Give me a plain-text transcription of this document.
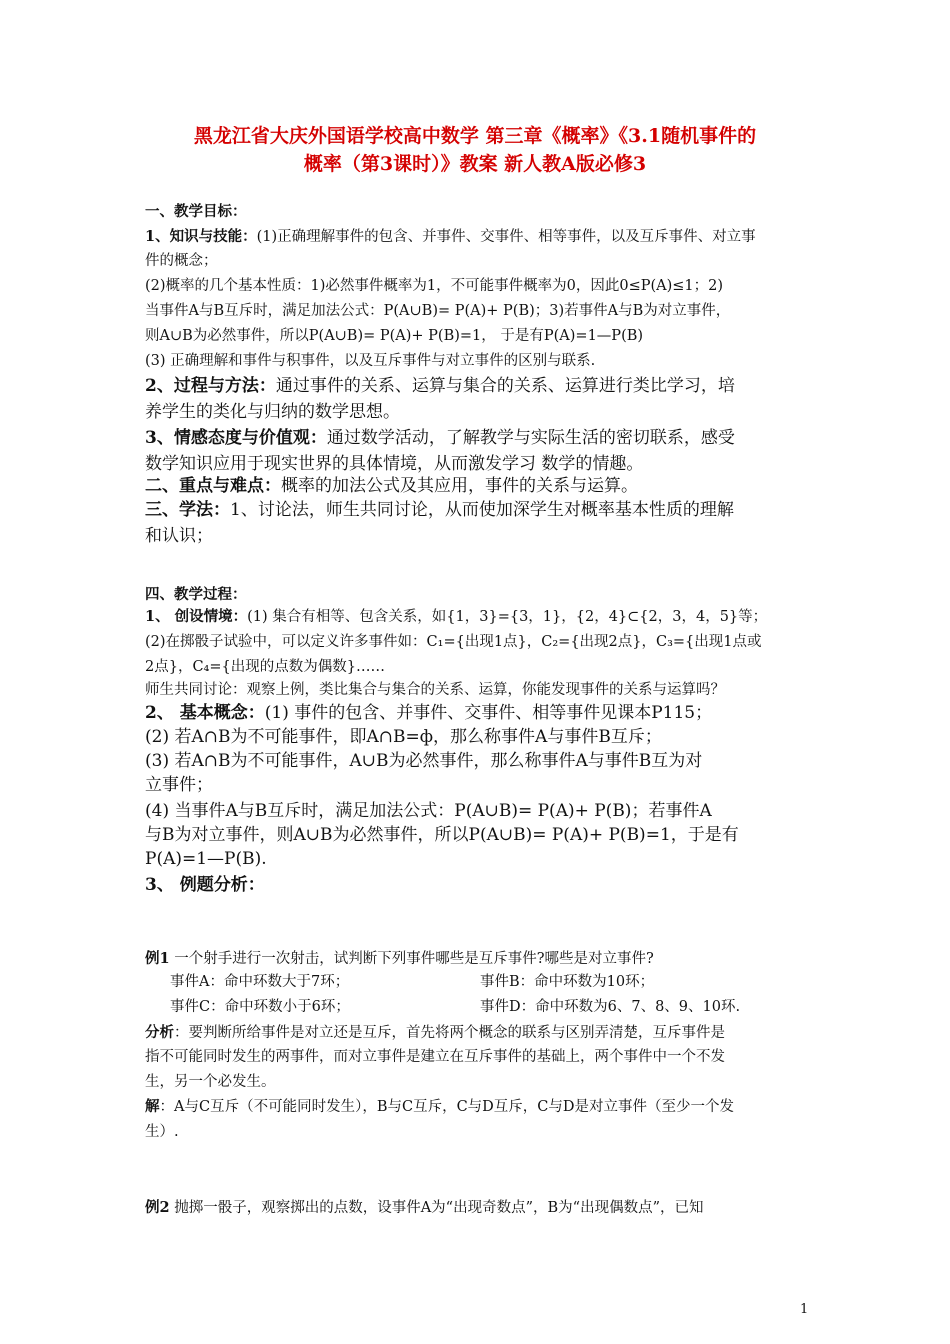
黑龙江省大庆外国语学校高中数学 第三章《概率》《3.1随机事件的
概率（第3课时）》教案 新人教A版必修3
一、教学目标：
1、知识与技能：(1)正确理解事件的包含、并事件、交事件、相等事件，以及互斥事件、对立事
件的概念；
(2)概率的几个基本性质：1)必然事件概率为1，不可能事件概率为0，因此0≤P(A)≤1；2)
当事件A与B互斥时，满足加法公式：P(A∪B)= P(A)+ P(B)；3)若事件A与B为对立事件，
则A∪B为必然事件，所以P(A∪B)= P(A)+ P(B)=1， 于是有P(A)=1—P(B)
(3) 正确理解和事件与积事件，以及互斥事件与对立事件的区别与联系.
2、过程与方法：通过事件的关系、运算与集合的关系、运算进行类比学习，培
养学生的类化与归纳的数学思想。
3、情感态度与价值观：通过数学活动，了解教学与实际生活的密切联系，感受
数学知识应用于现实世界的具体情境，从而激发学习 数学的情趣。
二、重点与难点：概率的加法公式及其应用，事件的关系与运算。
三、学法：1、讨论法，师生共同讨论，从而使加深学生对概率基本性质的理解
和认识；
四、教学过程：
1、 创设情境：(1) 集合有相等、包含关系，如{1，3}={3，1}，{2，4}⊂{2，3，4，5}等；
(2)在掷骰子试验中，可以定义许多事件如：C₁={出现1点}，C₂={出现2点}，C₃={出现1点或
2点}，C₄={出现的点数为偶数}……
师生共同讨论：观察上例，类比集合与集合的关系、运算，你能发现事件的关系与运算吗？
2、 基本概念：(1) 事件的包含、并事件、交事件、相等事件见课本P115；
(2) 若A∩B为不可能事件，即A∩B=ф，那么称事件A与事件B互斥；
(3) 若A∩B为不可能事件，A∪B为必然事件，那么称事件A与事件B互为对
立事件；
(4) 当事件A与B互斥时，满足加法公式：P(A∪B)= P(A)+ P(B)；若事件A
与B为对立事件，则A∪B为必然事件，所以P(A∪B)= P(A)+ P(B)=1，于是有
P(A)=1—P(B).
3、 例题分析：
例1 一个射手进行一次射击，试判断下列事件哪些是互斥事件?哪些是对立事件?
事件A：命中环数大于7环；	事件B：命中环数为10环；
事件C：命中环数小于6环；	事件D：命中环数为6、7、8、9、10环.
分析：要判断所给事件是对立还是互斥，首先将两个概念的联系与区别弄清楚，互斥事件是
指不可能同时发生的两事件，而对立事件是建立在互斥事件的基础上，两个事件中一个不发
生，另一个必发生。
解：A与C互斥（不可能同时发生），B与C互斥，C与D互斥，C与D是对立事件（至少一个发
生）.
例2 抛掷一骰子，观察掷出的点数，设事件A为“出现奇数点”，B为“出现偶数点”，已知
1
